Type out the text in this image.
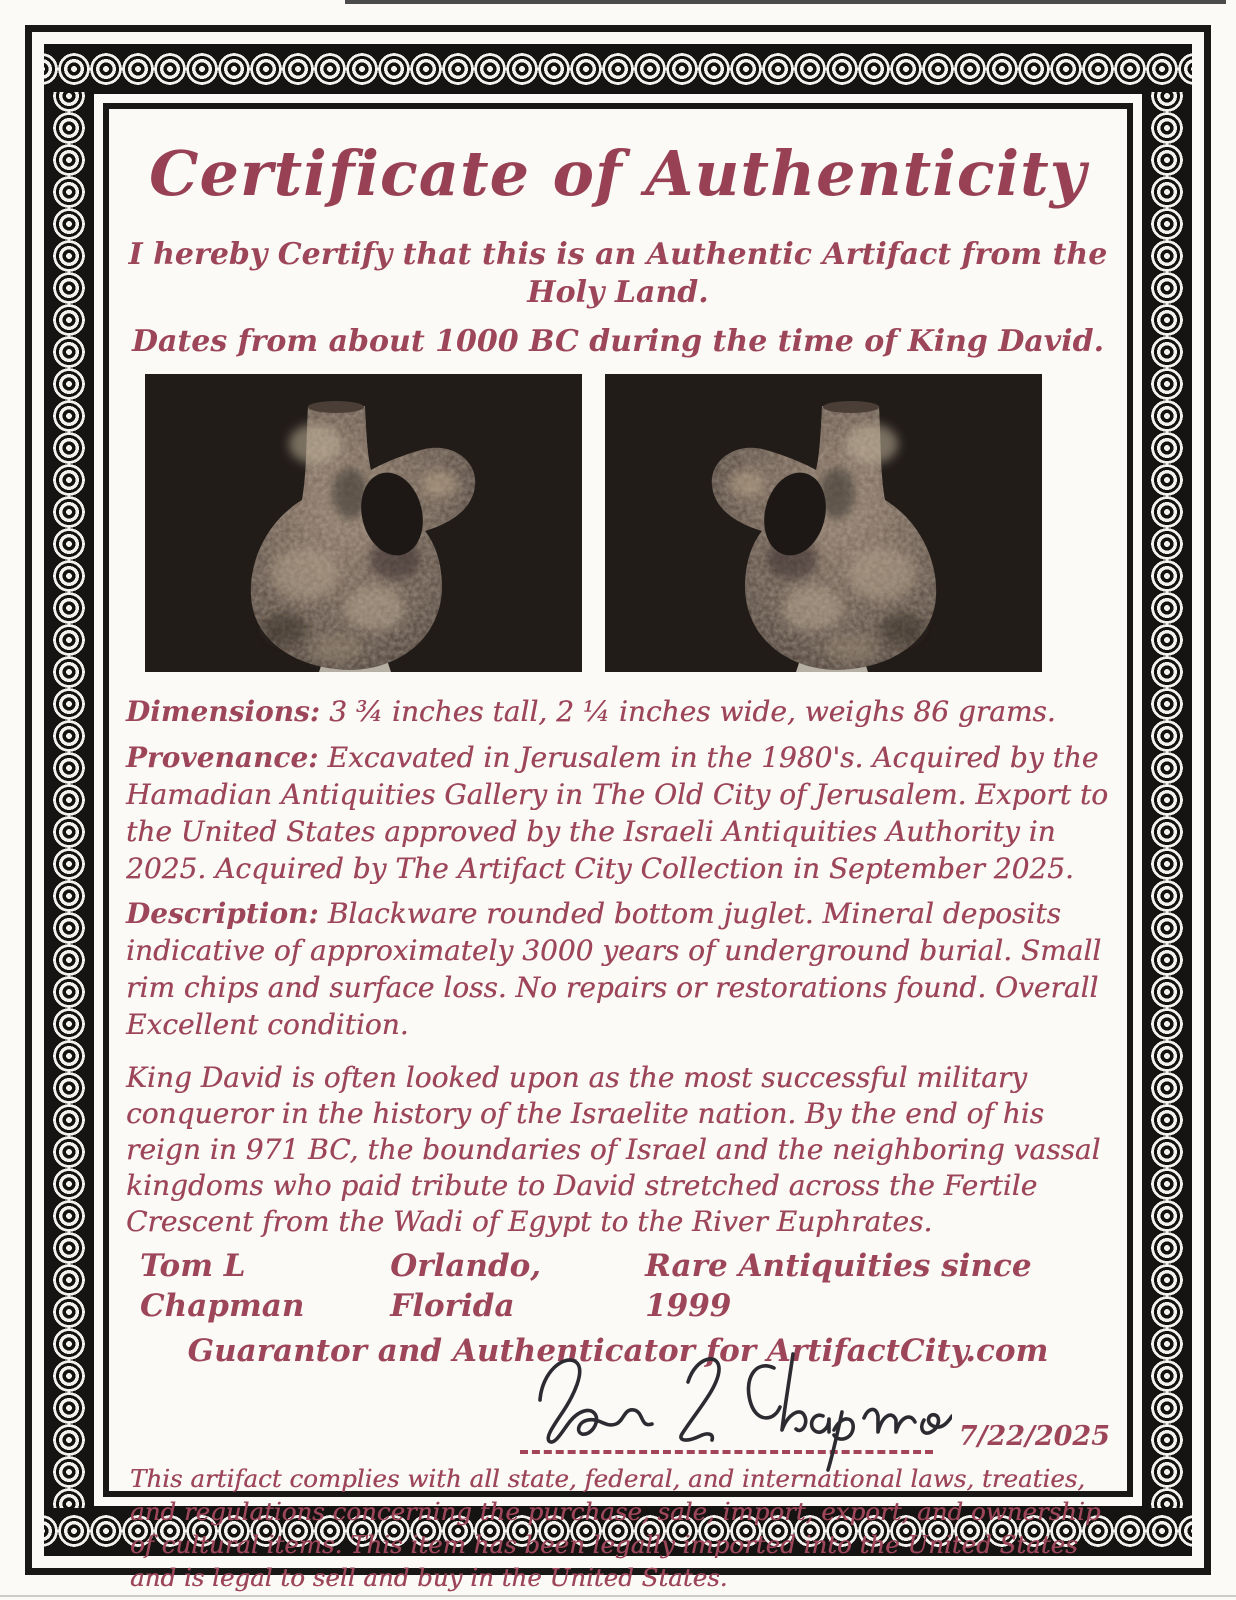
Certificate of Authenticity
I hereby Certify that this is an Authentic Artifact from the Holy Land.
Dates from about 1000 BC during the time of King David.

Dimensions: 3 ¾ inches tall, 2 ¼ inches wide, weighs 86 grams.

Provenance: Excavated in Jerusalem in the 1980's. Acquired by the Hamadian Antiquities Gallery in The Old City of Jerusalem. Export to the United States approved by the Israeli Antiquities Authority in 2025. Acquired by The Artifact City Collection in September 2025.

Description: Blackware rounded bottom juglet. Mineral deposits indicative of approximately 3000 years of underground burial. Small rim chips and surface loss. No repairs or restorations found. Overall Excellent condition.

King David is often looked upon as the most successful military conqueror in the history of the Israelite nation. By the end of his reign in 971 BC, the boundaries of Israel and the neighboring vassal kingdoms who paid tribute to David stretched across the Fertile Crescent from the Wadi of Egypt to the River Euphrates.

Tom L Chapman
Orlando, Florida
Rare Antiquities since 1999
Guarantor and Authenticator for ArtifactCity.com
7/22/2025

This artifact complies with all state, federal, and international laws, treaties, and regulations concerning the purchase, sale, import, export, and ownership of cultural items. This item has been legally imported into the United States and is legal to sell and buy in the United States.
